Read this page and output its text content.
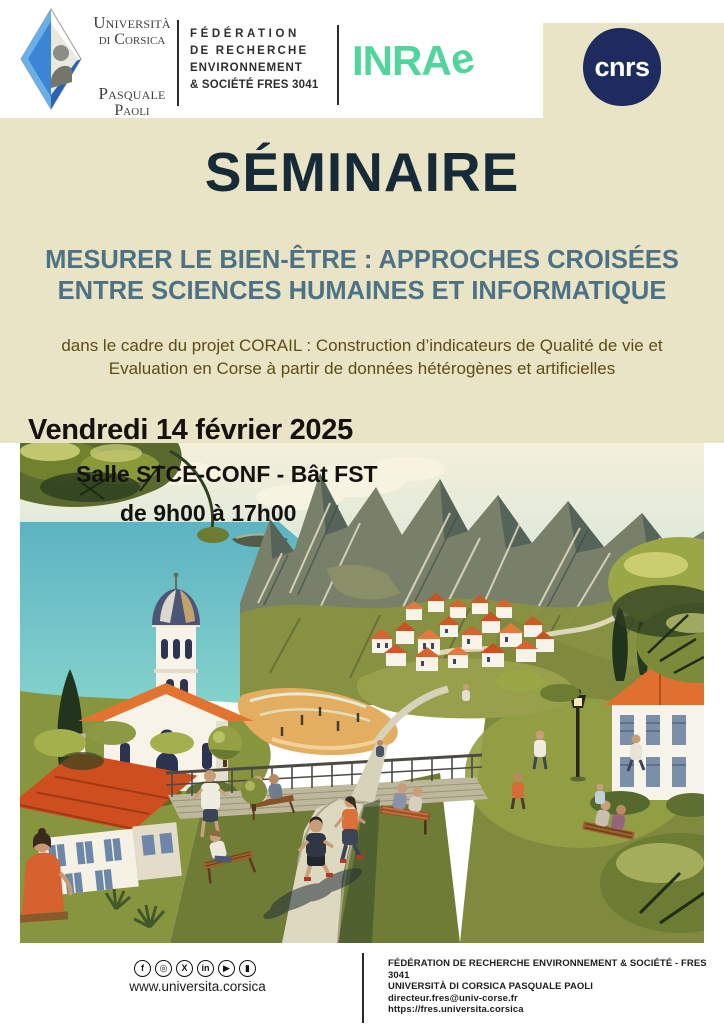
Università
di Corsica
Pasquale
Paoli
FÉDÉRATION
DE RECHERCHE
ENVIRONNEMENT
& SOCIÉTÉ FRES 3041
INRAe	cnrs
SÉMINAIRE
MESURER LE BIEN-ÊTRE : APPROCHES CROISÉES
ENTRE SCIENCES HUMAINES ET INFORMATIQUE
dans le cadre du projet CORAIL : Construction d’indicateurs de Qualité de vie et
Evaluation en Corse à partir de données hétérogènes et artificielles
Vendredi 14 février 2025
Salle STCE-CONF - Bât FST
de 9h00 à 17h00
f ◎ X in ▶ ▮
www.universita.corsica
FÉDÉRATION DE RECHERCHE ENVIRONNEMENT & SOCIÉTÉ - FRES 3041
UNIVERSITÀ DI CORSICA PASQUALE PAOLI
directeur.fres@univ-corse.fr
https://fres.universita.corsica
